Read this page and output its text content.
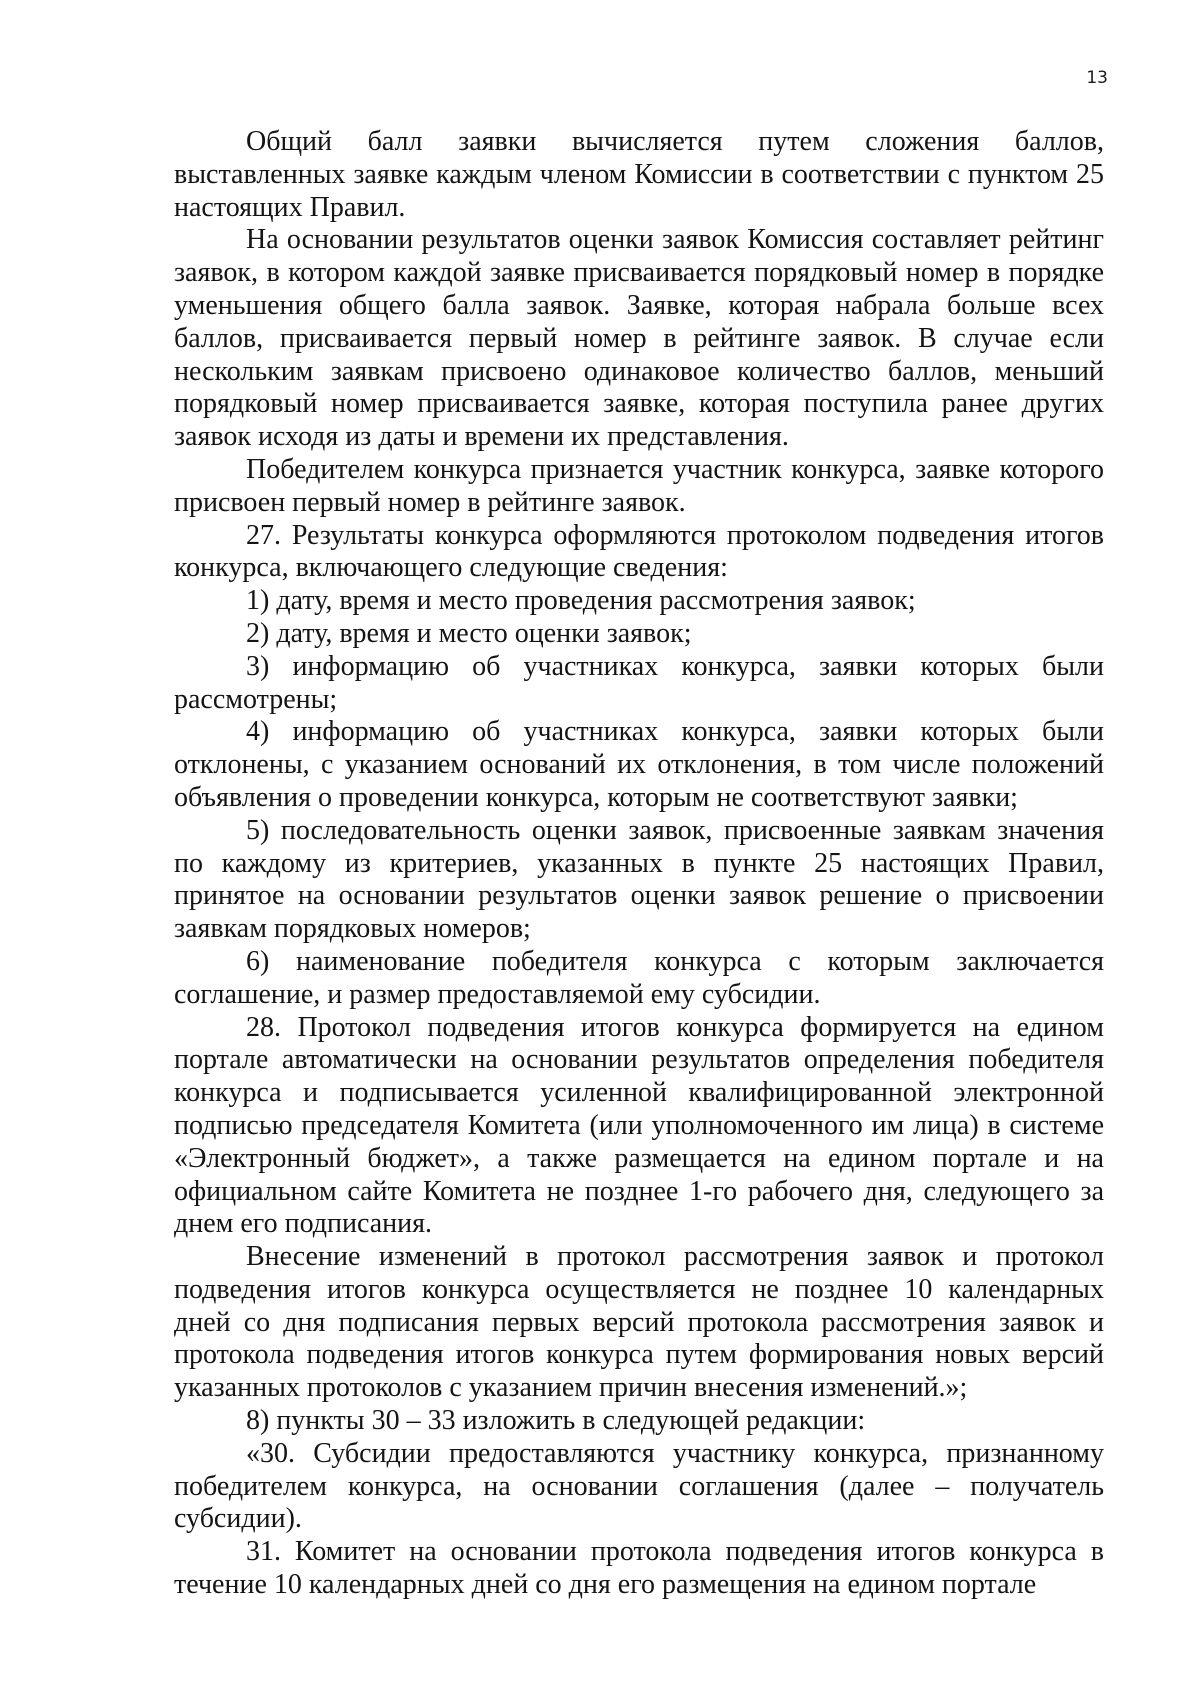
13

Общий балл заявки вычисляется путем сложения баллов, выставленных заявке каждым членом Комиссии в соответствии с пунктом 25 настоящих Правил.

На основании результатов оценки заявок Комиссия составляет рейтинг заявок, в котором каждой заявке присваивается порядковый номер в порядке уменьшения общего балла заявок. Заявке, которая набрала больше всех баллов, присваивается первый номер в рейтинге заявок. В случае если нескольким заявкам присвоено одинаковое количество баллов, меньший порядковый номер присваивается заявке, которая поступила ранее других заявок исходя из даты и времени их представления.

Победителем конкурса признается участник конкурса, заявке которого присвоен первый номер в рейтинге заявок.

27. Результаты конкурса оформляются протоколом подведения итогов конкурса, включающего следующие сведения:

1) дату, время и место проведения рассмотрения заявок;

2) дату, время и место оценки заявок;

3) информацию об участниках конкурса, заявки которых были рассмотрены;

4) информацию об участниках конкурса, заявки которых были отклонены, с указанием оснований их отклонения, в том числе положений объявления о проведении конкурса, которым не соответствуют заявки;

5) последовательность оценки заявок, присвоенные заявкам значения по каждому из критериев, указанных в пункте 25 настоящих Правил, принятое на основании результатов оценки заявок решение о присвоении заявкам порядковых номеров;

6) наименование победителя конкурса с которым заключается соглашение, и размер предоставляемой ему субсидии.

28. Протокол подведения итогов конкурса формируется на едином портале автоматически на основании результатов определения победителя конкурса и подписывается усиленной квалифицированной электронной подписью председателя Комитета (или уполномоченного им лица) в системе «Электронный бюджет», а также размещается на едином портале и на официальном сайте Комитета не позднее 1-го рабочего дня, следующего за днем его подписания.

Внесение изменений в протокол рассмотрения заявок и протокол подведения итогов конкурса осуществляется не позднее 10 календарных дней со дня подписания первых версий протокола рассмотрения заявок и протокола подведения итогов конкурса путем формирования новых версий указанных протоколов с указанием причин внесения изменений.»;

8) пункты 30 – 33 изложить в следующей редакции:

«30. Субсидии предоставляются участнику конкурса, признанному победителем конкурса, на основании соглашения (далее – получатель субсидии).

31. Комитет на основании протокола подведения итогов конкурса в течение 10 календарных дней со дня его размещения на едином портале
